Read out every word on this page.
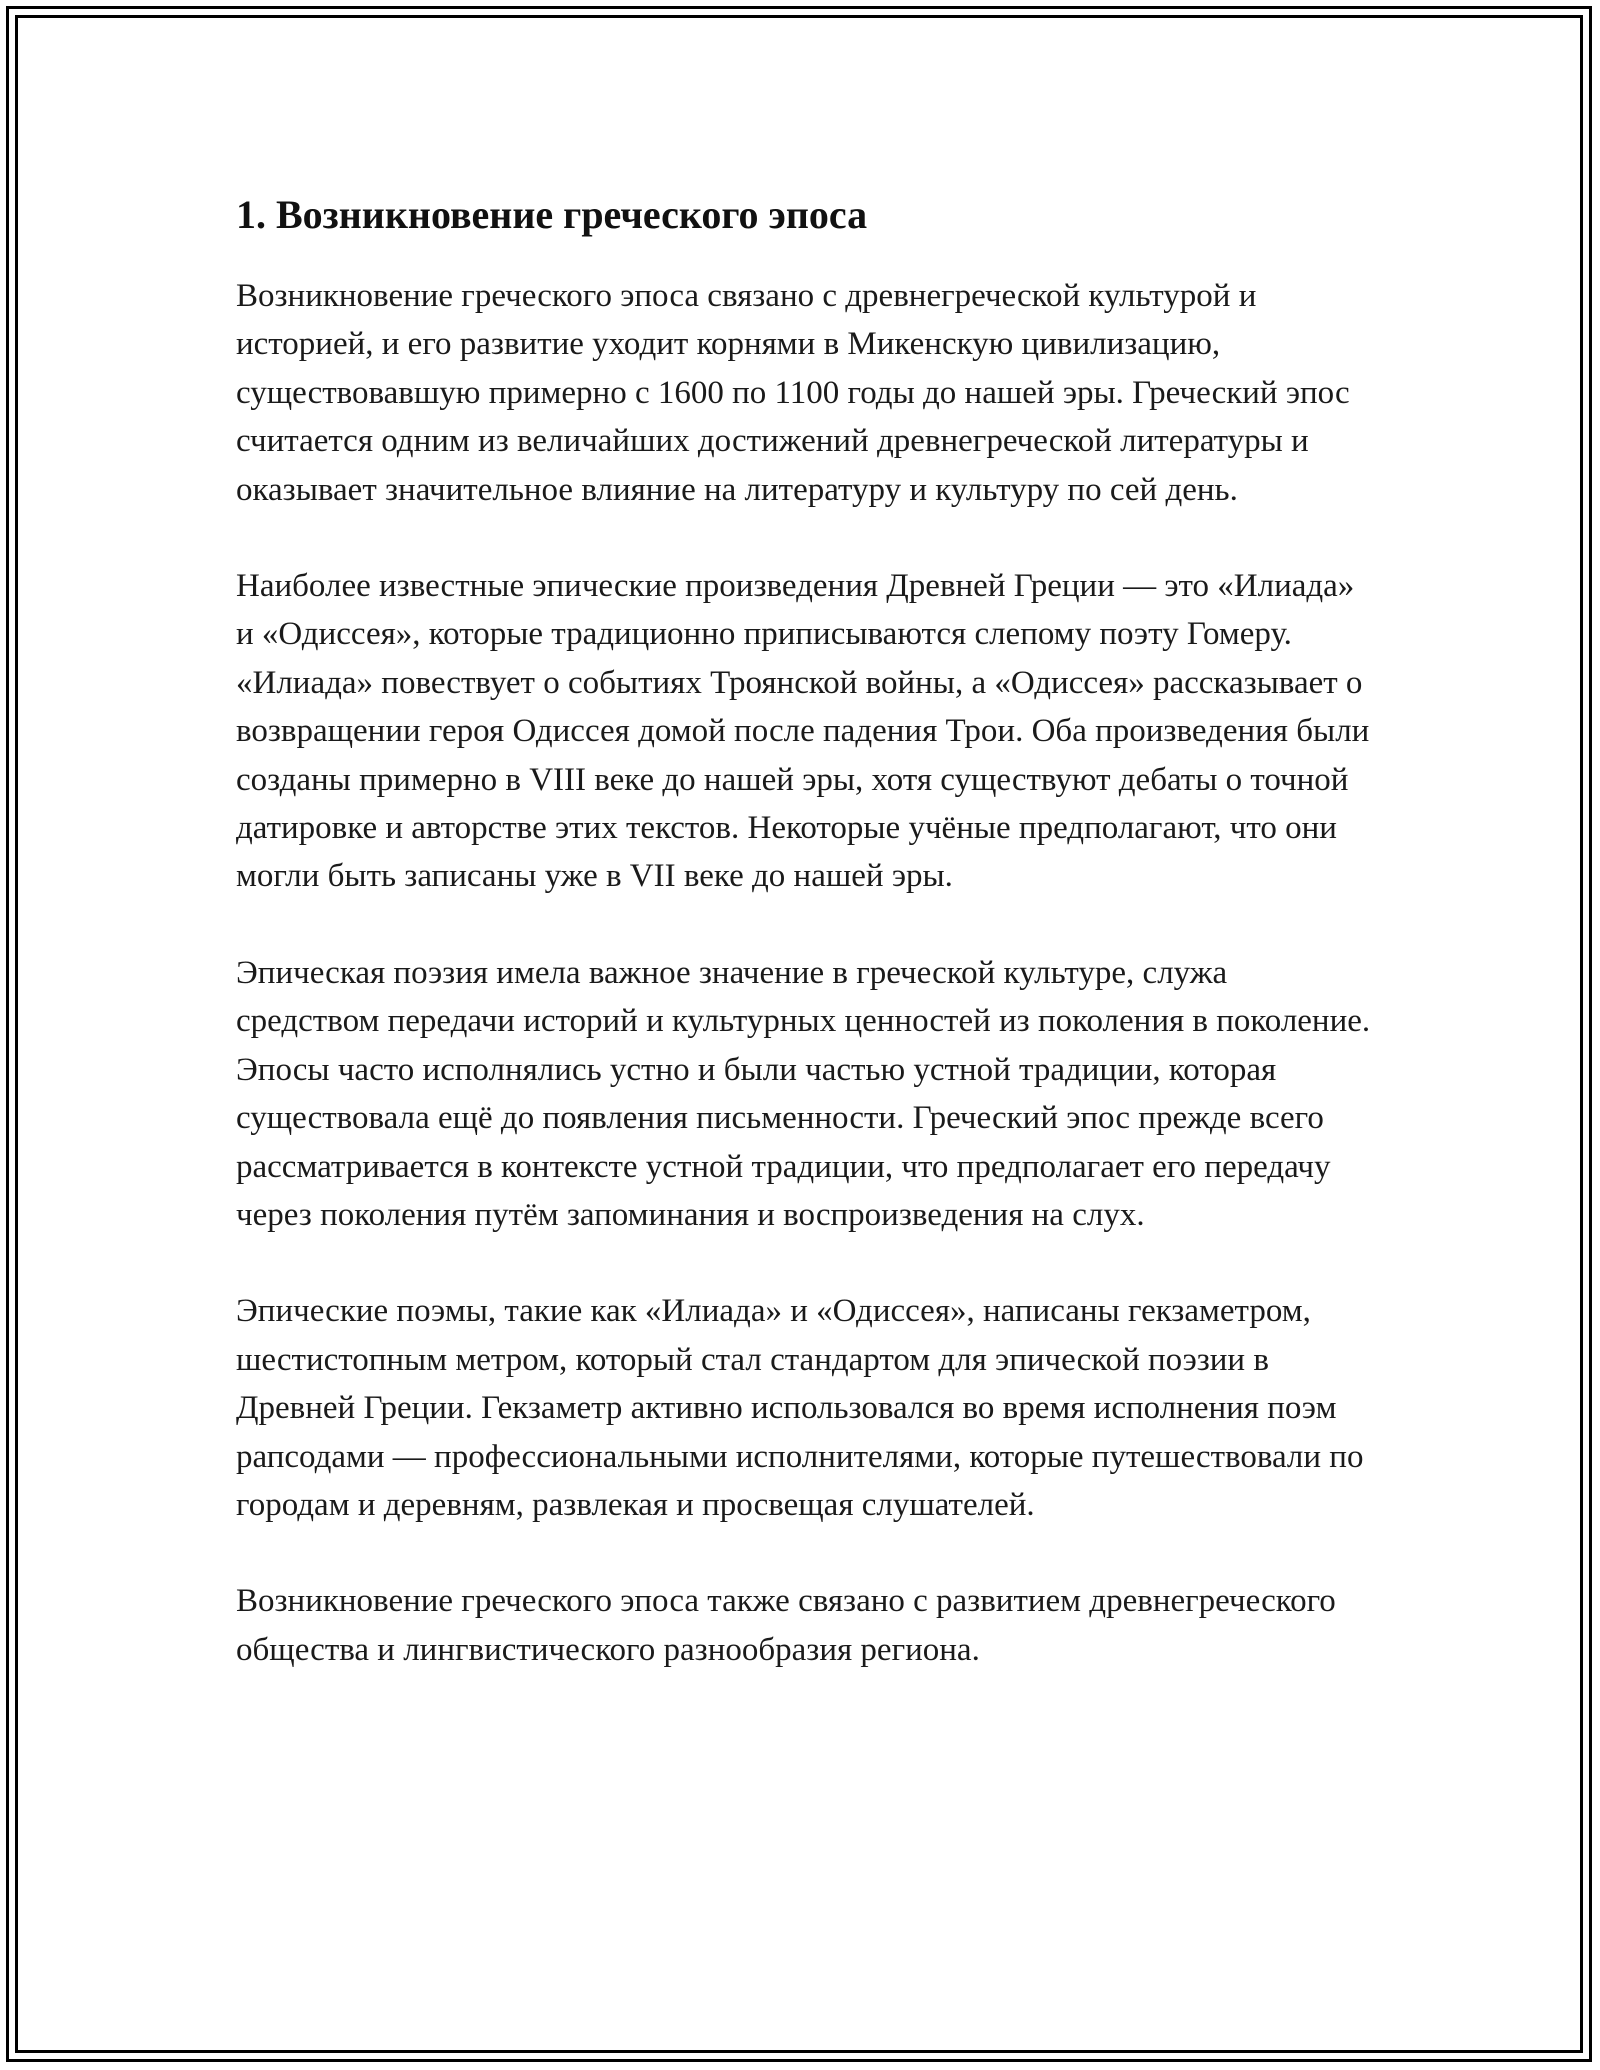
1. Возникновение греческого эпоса

Возникновение греческого эпоса связано с древнегреческой культурой и историей, и его развитие уходит корнями в Микенскую цивилизацию, существовавшую примерно с 1600 по 1100 годы до нашей эры. Греческий эпос считается одним из величайших достижений древнегреческой литературы и оказывает значительное влияние на литературу и культуру по сей день.

Наиболее известные эпические произведения Древней Греции — это «Илиада» и «Одиссея», которые традиционно приписываются слепому поэту Гомеру. «Илиада» повествует о событиях Троянской войны, а «Одиссея» рассказывает о возвращении героя Одиссея домой после падения Трои. Оба произведения были созданы примерно в VIII веке до нашей эры, хотя существуют дебаты о точной датировке и авторстве этих текстов. Некоторые учёные предполагают, что они могли быть записаны уже в VII веке до нашей эры.

Эпическая поэзия имела важное значение в греческой культуре, служа средством передачи историй и культурных ценностей из поколения в поколение. Эпосы часто исполнялись устно и были частью устной традиции, которая существовала ещё до появления письменности. Греческий эпос прежде всего рассматривается в контексте устной традиции, что предполагает его передачу через поколения путём запоминания и воспроизведения на слух.

Эпические поэмы, такие как «Илиада» и «Одиссея», написаны гекзаметром, шестистопным метром, который стал стандартом для эпической поэзии в Древней Греции. Гекзаметр активно использовался во время исполнения поэм рапсодами — профессиональными исполнителями, которые путешествовали по городам и деревням, развлекая и просвещая слушателей.

Возникновение греческого эпоса также связано с развитием древнегреческого общества и лингвистического разнообразия региона.
